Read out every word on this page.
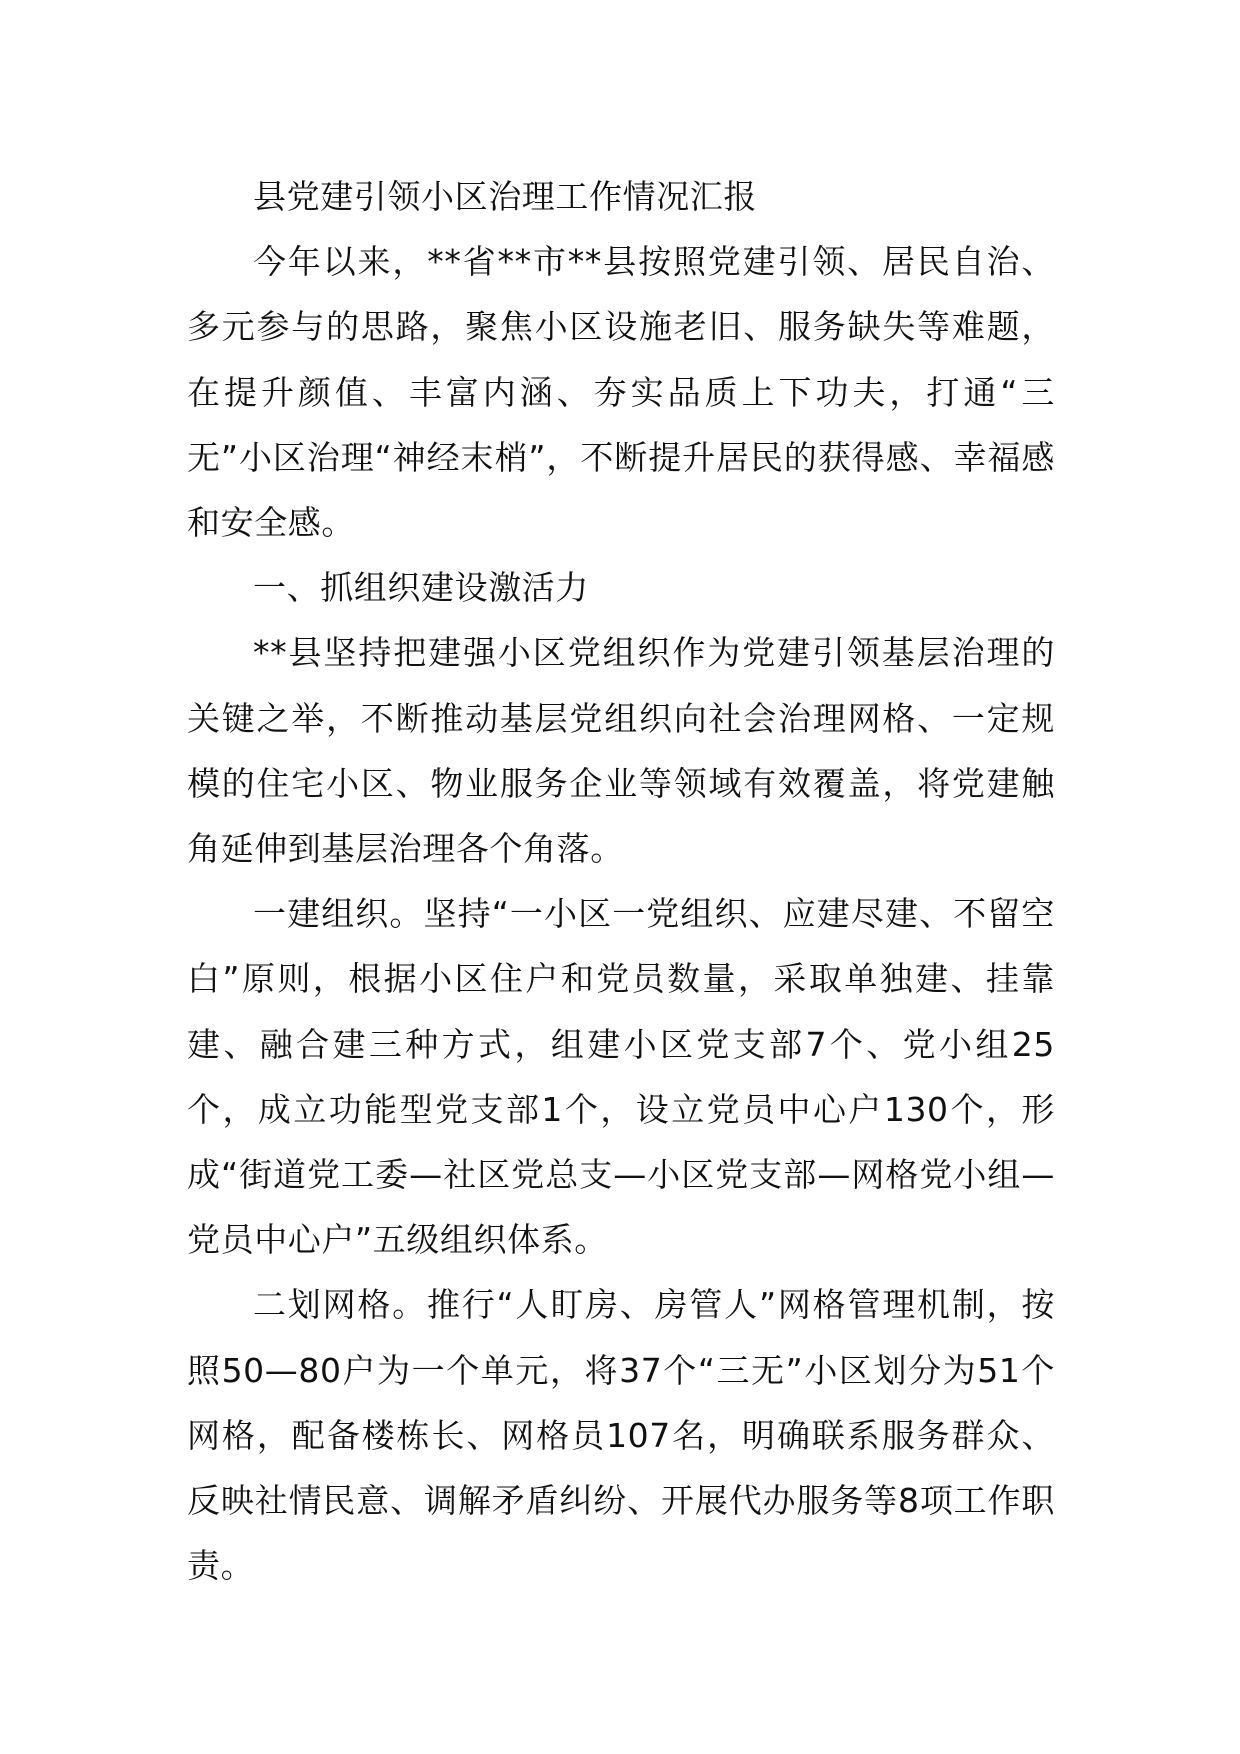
县党建引领小区治理工作情况汇报

今年以来，**省**市**县按照党建引领、居民自治、多元参与的思路，聚焦小区设施老旧、服务缺失等难题，在提升颜值、丰富内涵、夯实品质上下功夫，打通“三无”小区治理“神经末梢”，不断提升居民的获得感、幸福感和安全感。

一、抓组织建设激活力

**县坚持把建强小区党组织作为党建引领基层治理的关键之举，不断推动基层党组织向社会治理网格、一定规模的住宅小区、物业服务企业等领域有效覆盖，将党建触角延伸到基层治理各个角落。

一建组织。坚持“一小区一党组织、应建尽建、不留空白”原则，根据小区住户和党员数量，采取单独建、挂靠建、融合建三种方式，组建小区党支部7个、党小组25个，成立功能型党支部1个，设立党员中心户130个，形成“街道党工委—社区党总支—小区党支部—网格党小组—党员中心户”五级组织体系。

二划网格。推行“人盯房、房管人”网格管理机制，按照50—80户为一个单元，将37个“三无”小区划分为51个网格，配备楼栋长、网格员107名，明确联系服务群众、反映社情民意、调解矛盾纠纷、开展代办服务等8项工作职责。
